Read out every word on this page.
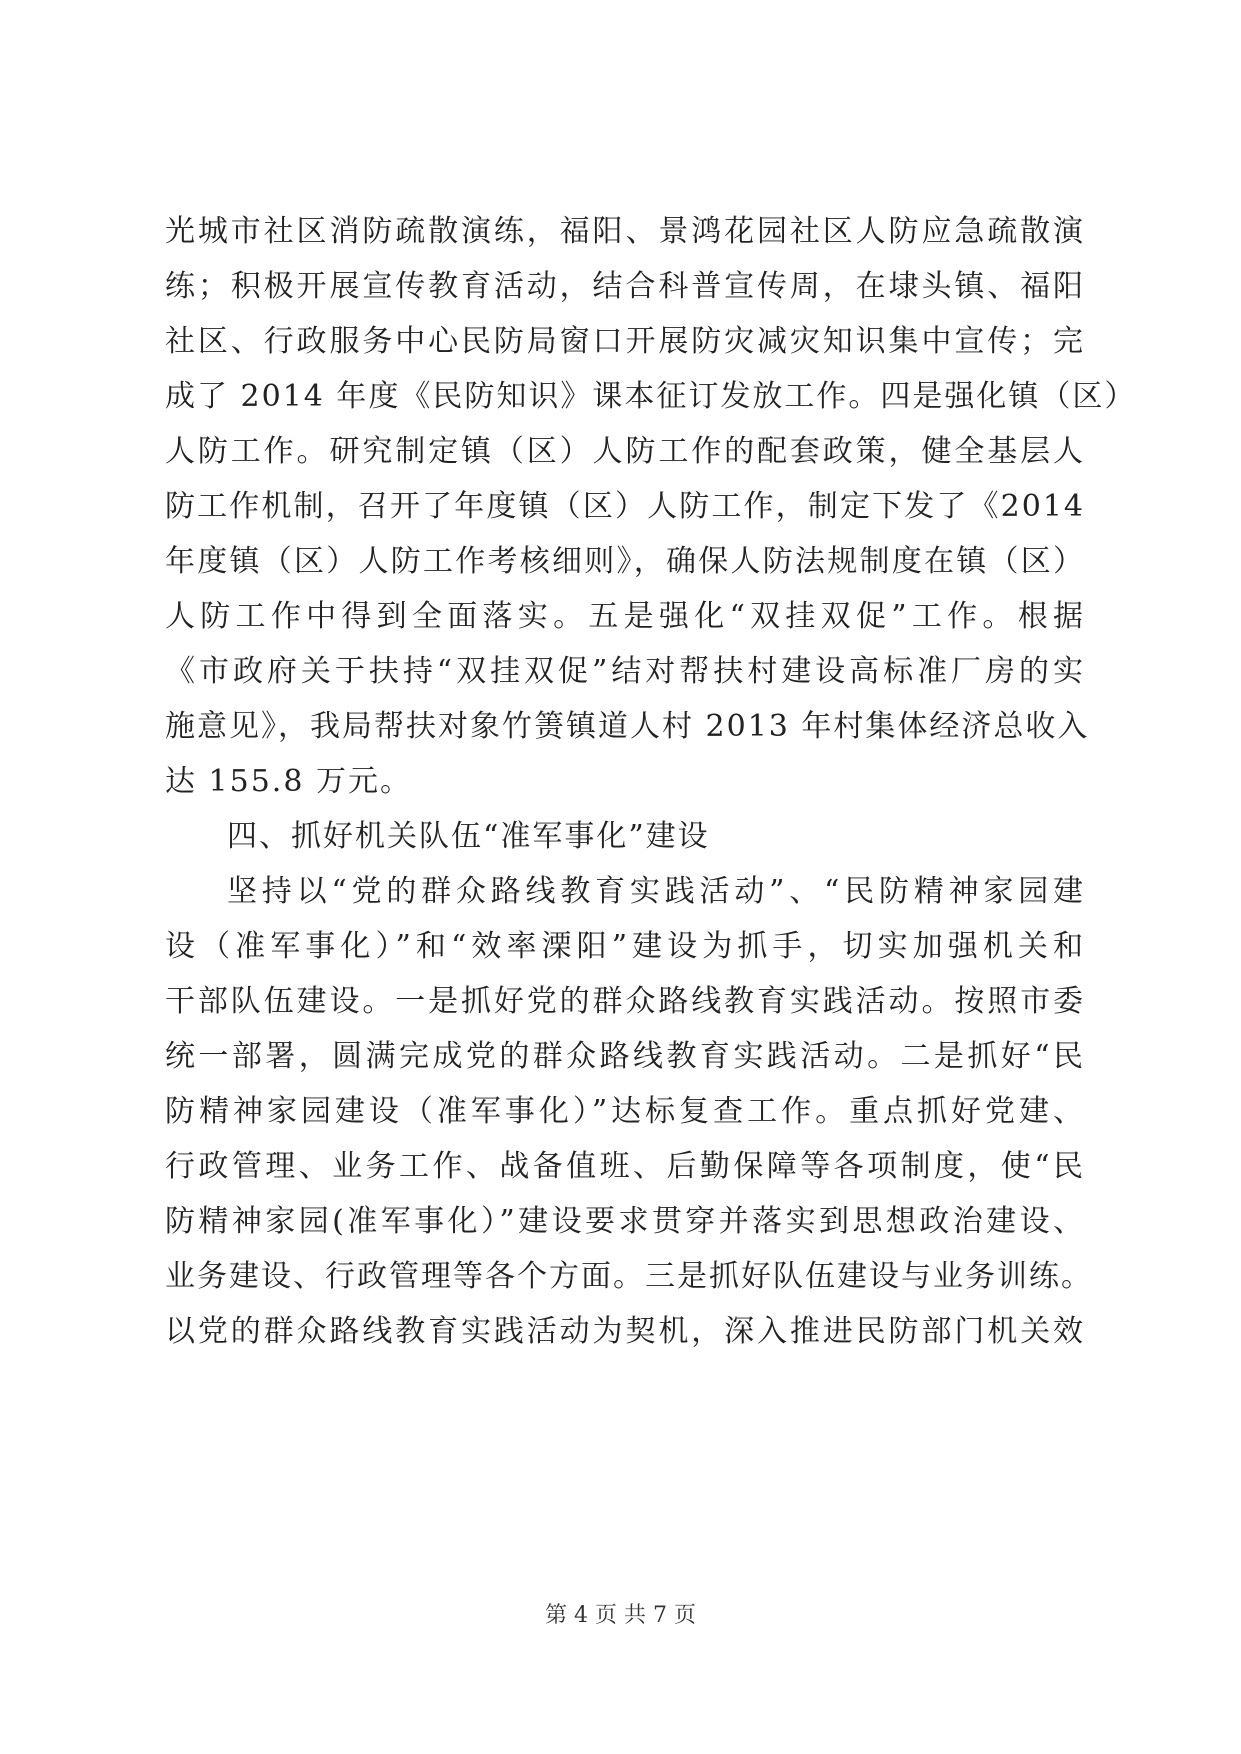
光城市社区消防疏散演练，福阳、景鸿花园社区人防应急疏散演
练；积极开展宣传教育活动，结合科普宣传周，在埭头镇、福阳
社区、行政服务中心民防局窗口开展防灾减灾知识集中宣传；完
成了 2014 年度《民防知识》课本征订发放工作。四是强化镇（区）
人防工作。研究制定镇（区）人防工作的配套政策，健全基层人
防工作机制，召开了年度镇（区）人防工作，制定下发了《2014
年度镇（区）人防工作考核细则》，确保人防法规制度在镇（区）
人防工作中得到全面落实。五是强化“双挂双促”工作。根据
《市政府关于扶持“双挂双促”结对帮扶村建设高标准厂房的实
施意见》，我局帮扶对象竹箦镇道人村 2013 年村集体经济总收入
达 155.8 万元。
四、抓好机关队伍“准军事化”建设
坚持以“党的群众路线教育实践活动”、“民防精神家园建
设（准军事化）”和“效率溧阳”建设为抓手，切实加强机关和
干部队伍建设。一是抓好党的群众路线教育实践活动。按照市委
统一部署，圆满完成党的群众路线教育实践活动。二是抓好“民
防精神家园建设（准军事化）”达标复查工作。重点抓好党建、
行政管理、业务工作、战备值班、后勤保障等各项制度，使“民
防精神家园(准军事化）”建设要求贯穿并落实到思想政治建设、
业务建设、行政管理等各个方面。三是抓好队伍建设与业务训练。
以党的群众路线教育实践活动为契机，深入推进民防部门机关效
第 4 页 共 7 页
